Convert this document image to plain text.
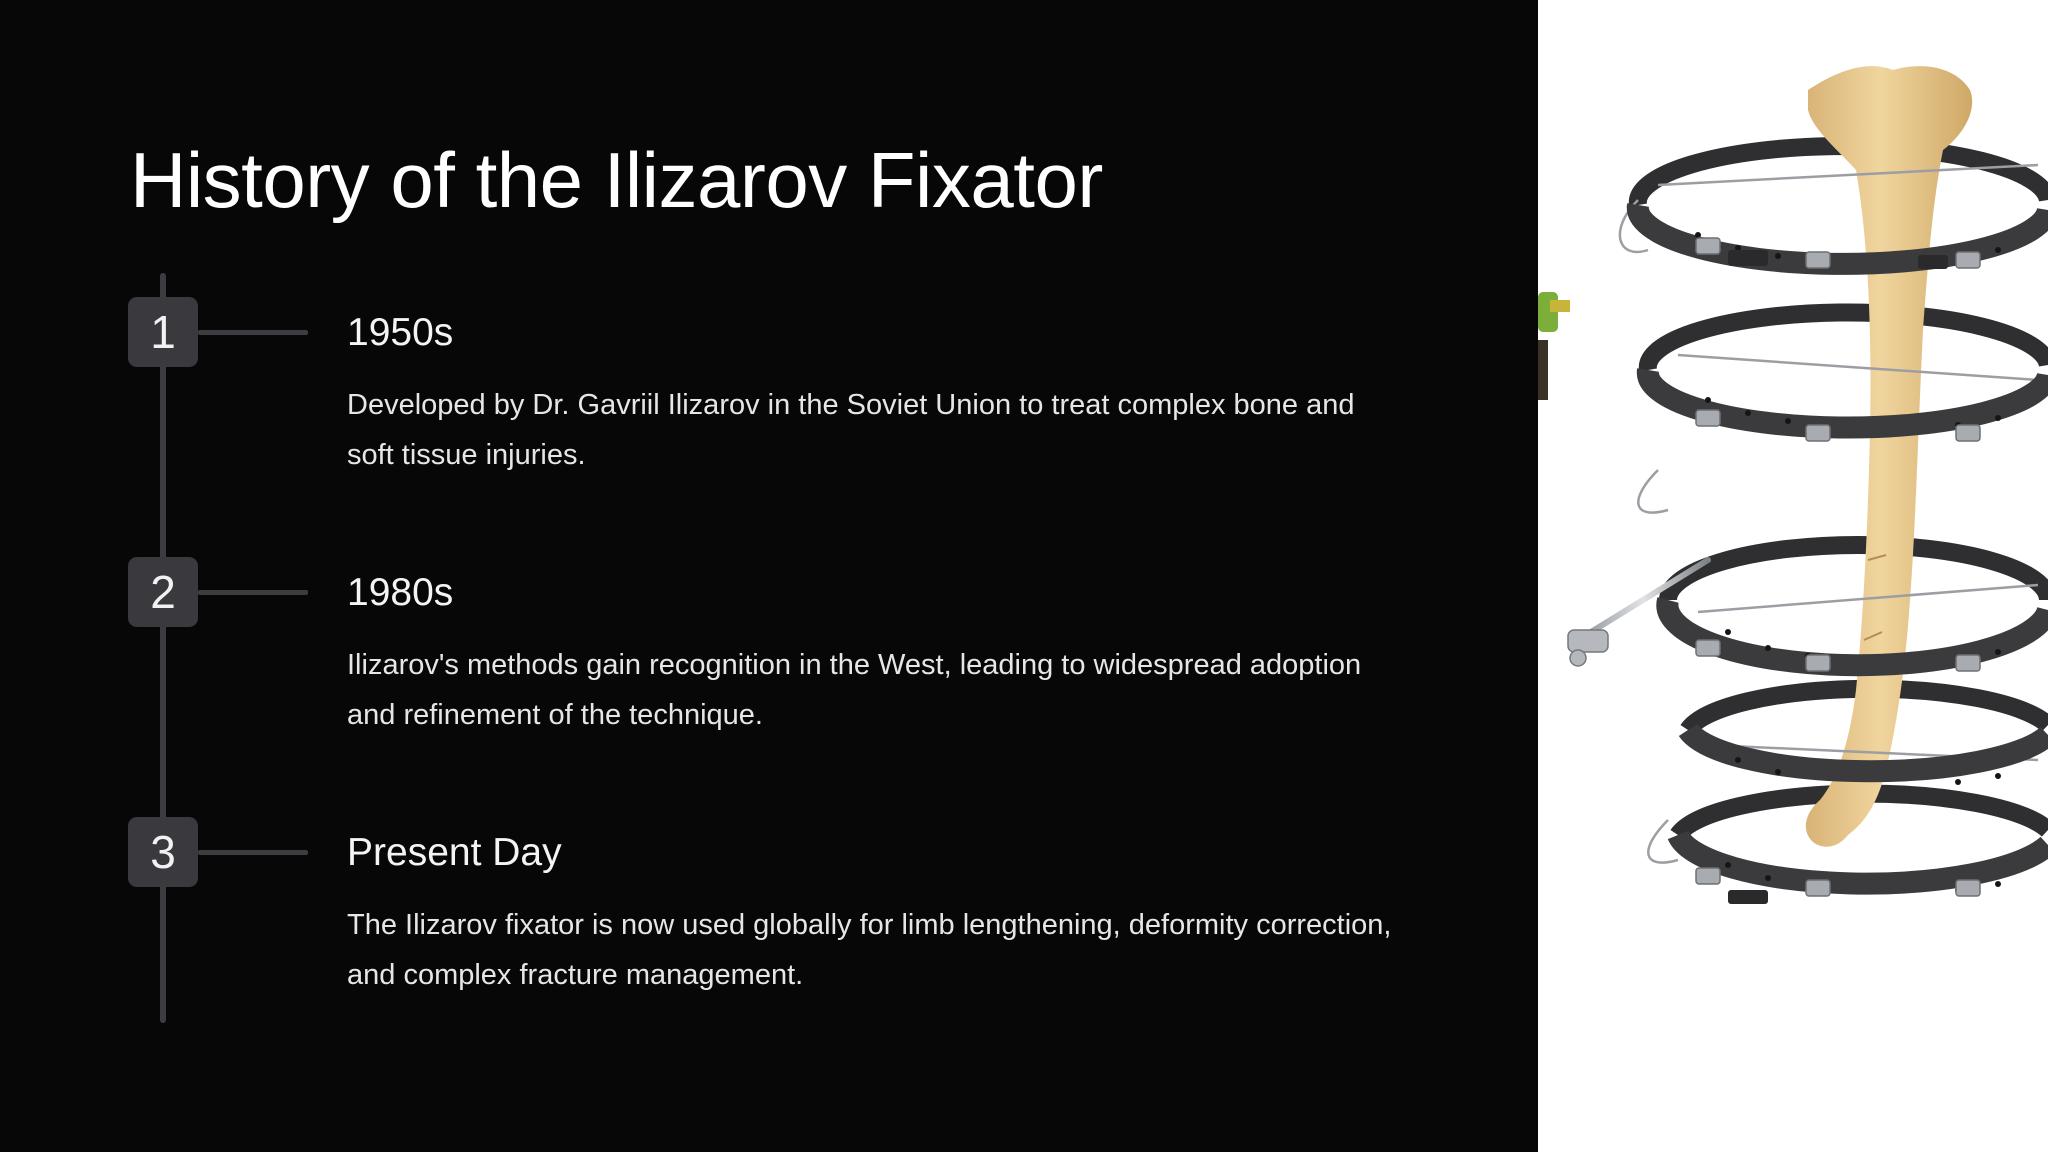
History of the Ilizarov Fixator
1	1950s
Developed by Dr. Gavriil Ilizarov in the Soviet Union to treat complex bone and soft tissue injuries.
2	1980s
Ilizarov's methods gain recognition in the West, leading to widespread adoption and refinement of the technique.
3	Present Day
The Ilizarov fixator is now used globally for limb lengthening, deformity correction, and complex fracture management.
